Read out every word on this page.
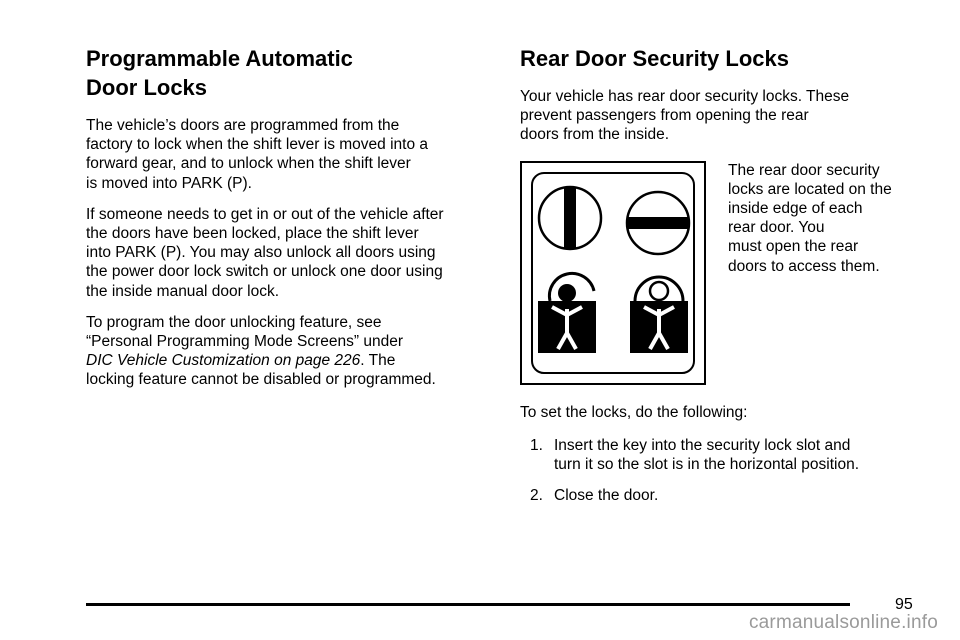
Programmable Automatic
Door Locks

The vehicle’s doors are programmed from the
factory to lock when the shift lever is moved into a
forward gear, and to unlock when the shift lever
is moved into PARK (P).

If someone needs to get in or out of the vehicle after
the doors have been locked, place the shift lever
into PARK (P). You may also unlock all doors using
the power door lock switch or unlock one door using
the inside manual door lock.

To program the door unlocking feature, see
“Personal Programming Mode Screens” under
DIC Vehicle Customization on page 226. The
locking feature cannot be disabled or programmed.

Rear Door Security Locks

Your vehicle has rear door security locks. These
prevent passengers from opening the rear
doors from the inside.

The rear door security
locks are located on the
inside edge of each
rear door. You
must open the rear
doors to access them.

To set the locks, do the following:

1. Insert the key into the security lock slot and
turn it so the slot is in the horizontal position.
2. Close the door.
95
carmanualsonline.info
